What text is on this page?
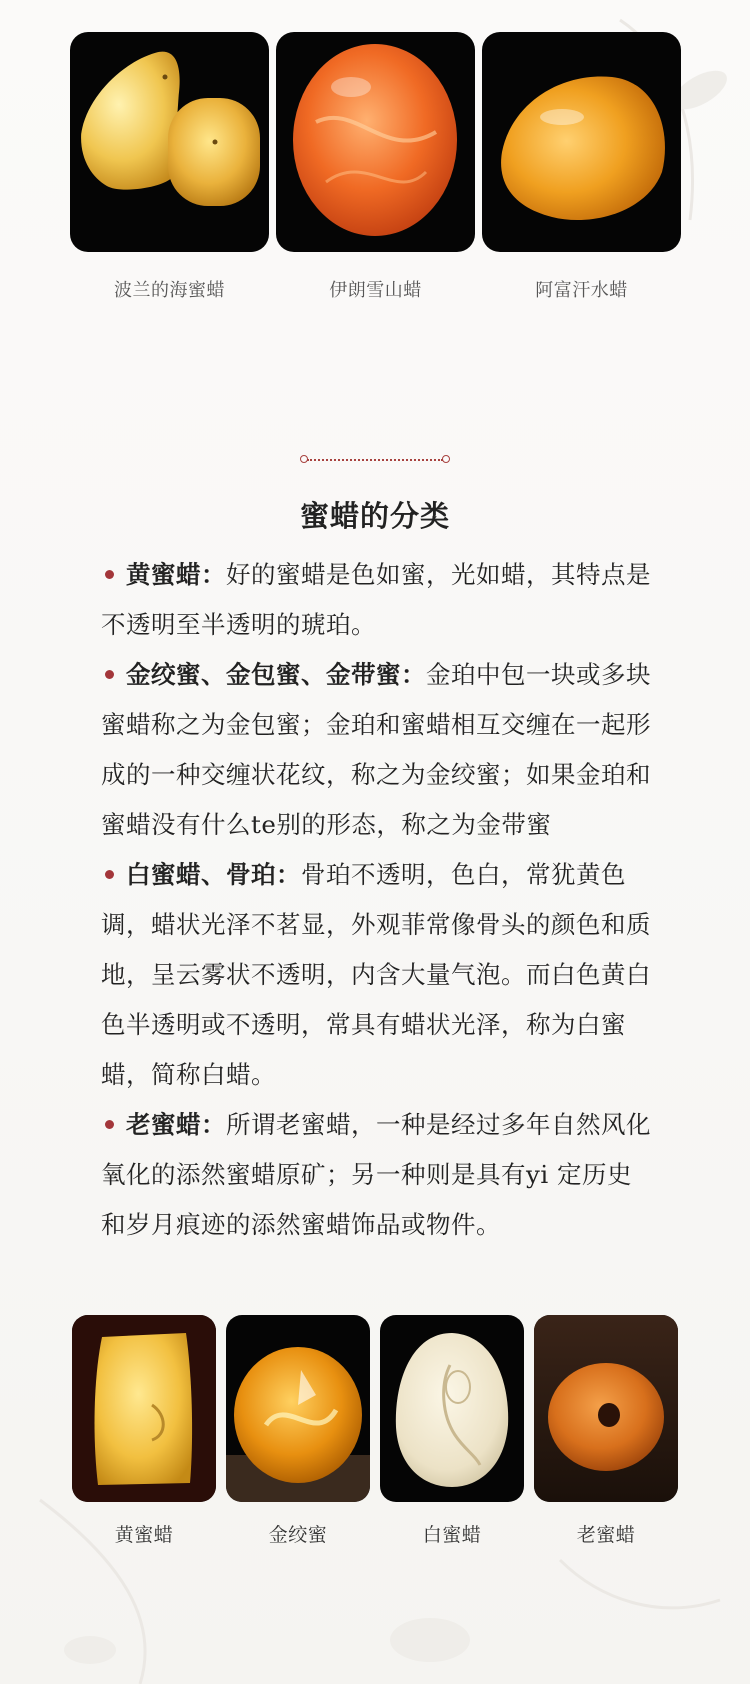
波兰的海蜜蜡	伊朗雪山蜡	阿富汗水蜡
蜜蜡的分类

黄蜜蜡：好的蜜蜡是色如蜜，光如蜡，其特点是不透明至半透明的琥珀。

金绞蜜、金包蜜、金带蜜：金珀中包一块或多块蜜蜡称之为金包蜜；金珀和蜜蜡相互交缠在一起形成的一种交缠状花纹，称之为金绞蜜；如果金珀和蜜蜡没有什么te别的形态，称之为金带蜜

白蜜蜡、骨珀：骨珀不透明，色白，常犹黄色调，蜡状光泽不茗显，外观菲常像骨头的颜色和质地，呈云雾状不透明，内含大量气泡。而白色黄白色半透明或不透明，常具有蜡状光泽，称为白蜜蜡，简称白蜡。

老蜜蜡：所谓老蜜蜡，一种是经过多年自然风化氧化的添然蜜蜡原矿；另一种则是具有yi 定历史和岁月痕迹的添然蜜蜡饰品或物件。

黄蜜蜡	金绞蜜	白蜜蜡	老蜜蜡
